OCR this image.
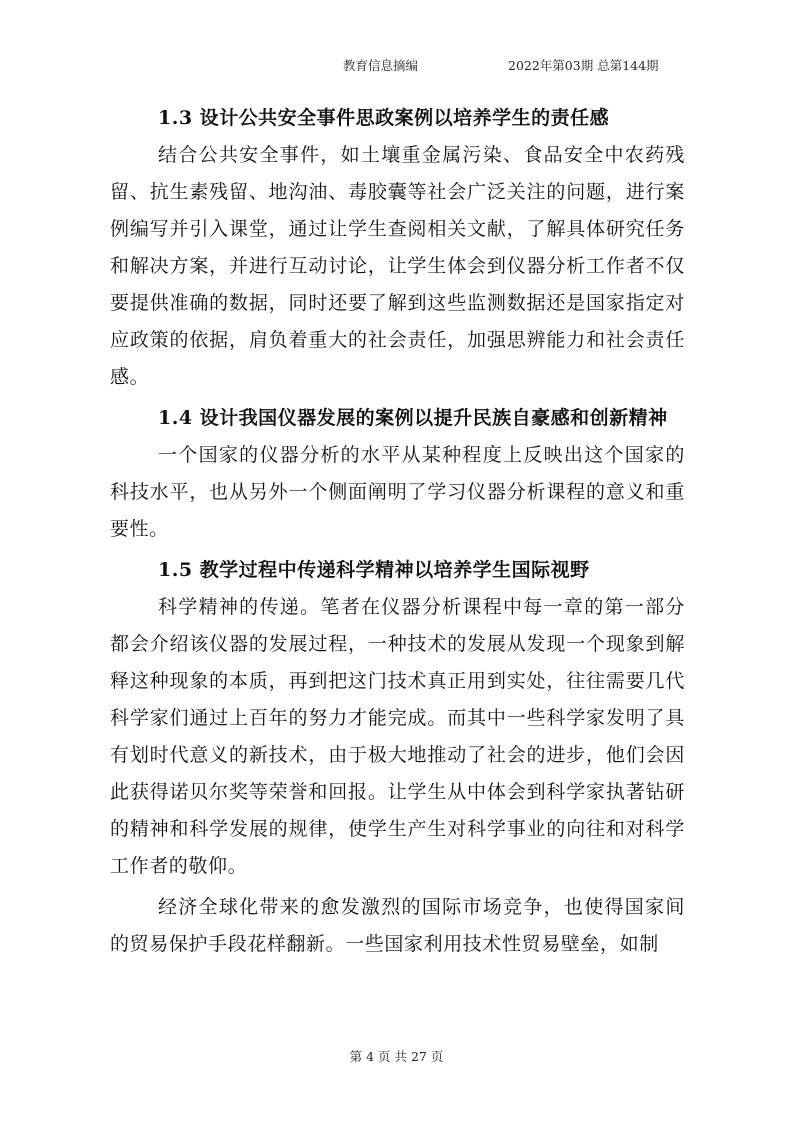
教育信息摘编	2022年第03期 总第144期
1.3 设计公共安全事件思政案例以培养学生的责任感

结合公共安全事件，如土壤重金属污染、食品安全中农药残留、抗生素残留、地沟油、毒胶囊等社会广泛关注的问题，进行案例编写并引入课堂，通过让学生查阅相关文献，了解具体研究任务和解决方案，并进行互动讨论，让学生体会到仪器分析工作者不仅要提供准确的数据，同时还要了解到这些监测数据还是国家指定对应政策的依据，肩负着重大的社会责任，加强思辨能力和社会责任感。

1.4 设计我国仪器发展的案例以提升民族自豪感和创新精神

一个国家的仪器分析的水平从某种程度上反映出这个国家的科技水平，也从另外一个侧面阐明了学习仪器分析课程的意义和重要性。

1.5 教学过程中传递科学精神以培养学生国际视野

科学精神的传递。笔者在仪器分析课程中每一章的第一部分都会介绍该仪器的发展过程，一种技术的发展从发现一个现象到解释这种现象的本质，再到把这门技术真正用到实处，往往需要几代科学家们通过上百年的努力才能完成。而其中一些科学家发明了具有划时代意义的新技术，由于极大地推动了社会的进步，他们会因此获得诺贝尔奖等荣誉和回报。让学生从中体会到科学家执著钻研的精神和科学发展的规律，使学生产生对科学事业的向往和对科学工作者的敬仰。

经济全球化带来的愈发激烈的国际市场竞争，也使得国家间的贸易保护手段花样翻新。一些国家利用技术性贸易壁垒，如制

第 4 页 共 27 页
